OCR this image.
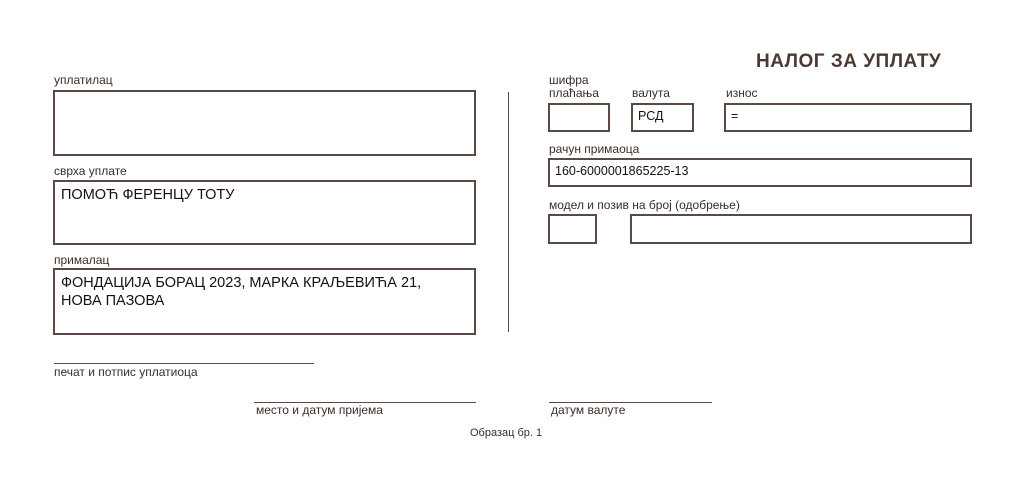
НАЛОГ ЗА УПЛАТУ
уплатилац
сврха уплате
ПОМОЋ ФЕРЕНЦУ ТОТУ
прималац
ФОНДАЦИЈА БОРАЦ 2023, МАРКА КРАЉЕВИЋА 21,
НОВА ПАЗОВА
шифра
плаћања	валута
РСД
износ
=
рачун примаоца
160-6000001865225-13
модел и позив на број (одобрење)
печат и потпис уплатиоца
место и датум пријема	датум валуте
Образац бр. 1
